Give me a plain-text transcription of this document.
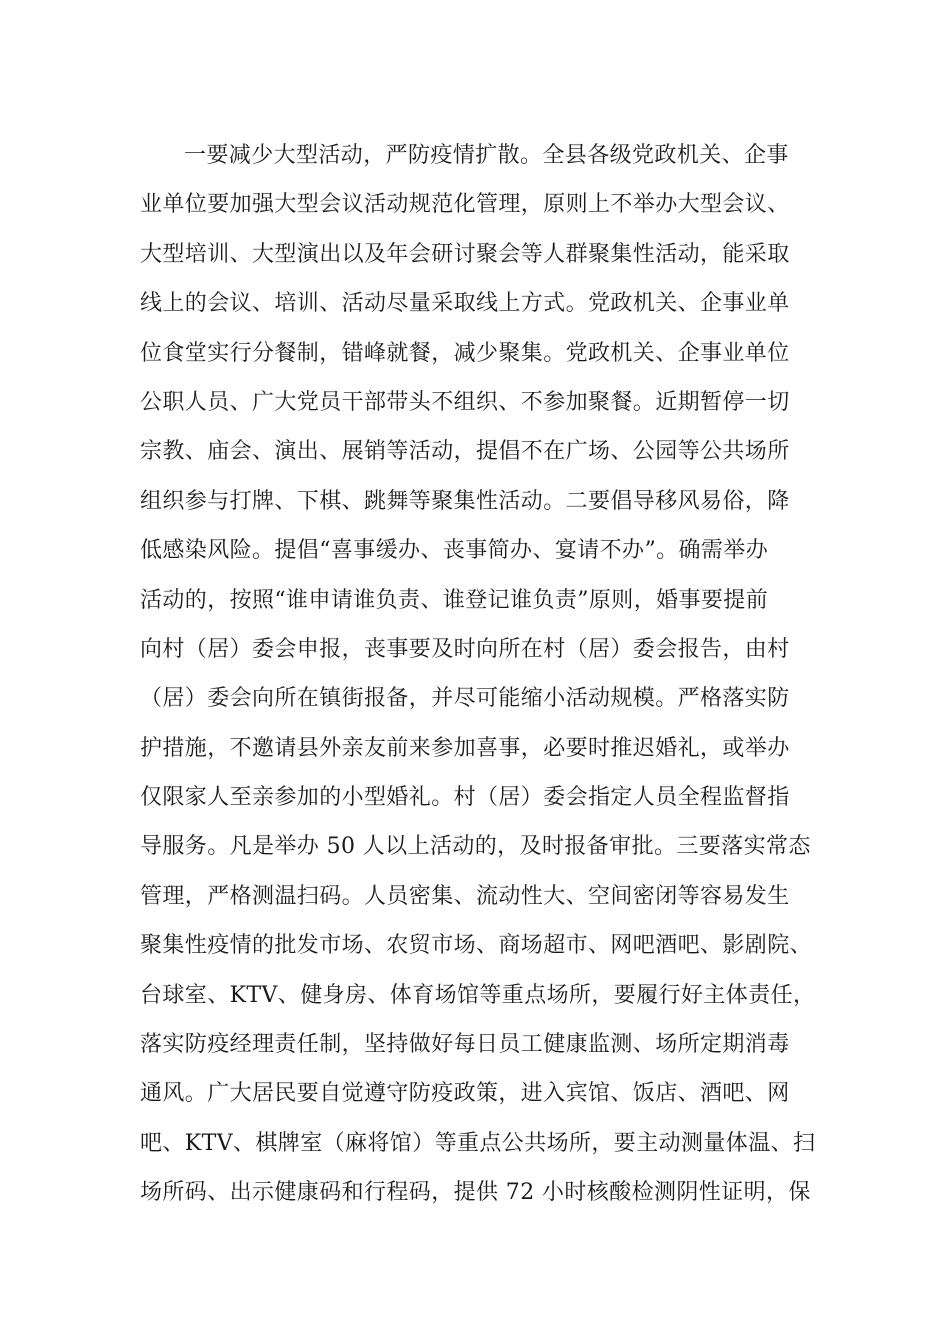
一要减少大型活动，严防疫情扩散。全县各级党政机关、企事
业单位要加强大型会议活动规范化管理，原则上不举办大型会议、
大型培训、大型演出以及年会研讨聚会等人群聚集性活动，能采取
线上的会议、培训、活动尽量采取线上方式。党政机关、企事业单
位食堂实行分餐制，错峰就餐，减少聚集。党政机关、企事业单位
公职人员、广大党员干部带头不组织、不参加聚餐。近期暂停一切
宗教、庙会、演出、展销等活动，提倡不在广场、公园等公共场所
组织参与打牌、下棋、跳舞等聚集性活动。二要倡导移风易俗，降
低感染风险。提倡“喜事缓办、丧事简办、宴请不办”。确需举办
活动的，按照“谁申请谁负责、谁登记谁负责”原则，婚事要提前
向村（居）委会申报，丧事要及时向所在村（居）委会报告，由村
（居）委会向所在镇街报备，并尽可能缩小活动规模。严格落实防
护措施，不邀请县外亲友前来参加喜事，必要时推迟婚礼，或举办
仅限家人至亲参加的小型婚礼。村（居）委会指定人员全程监督指
导服务。凡是举办 50 人以上活动的，及时报备审批。三要落实常态
管理，严格测温扫码。人员密集、流动性大、空间密闭等容易发生
聚集性疫情的批发市场、农贸市场、商场超市、网吧酒吧、影剧院、
台球室、KTV、健身房、体育场馆等重点场所，要履行好主体责任，
落实防疫经理责任制，坚持做好每日员工健康监测、场所定期消毒
通风。广大居民要自觉遵守防疫政策，进入宾馆、饭店、酒吧、网
吧、KTV、棋牌室（麻将馆）等重点公共场所，要主动测量体温、扫
场所码、出示健康码和行程码，提供 72 小时核酸检测阴性证明，保
